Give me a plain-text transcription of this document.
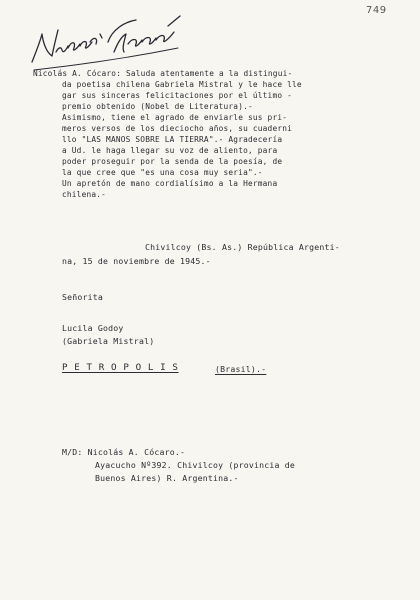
749
Nicolás A. Cócaro: Saluda atentamente a la distingui-
da poetisa chilena Gabriela Mistral y le hace lle
gar sus sinceras felicitaciones por el último -
premio obtenido (Nobel de Literatura).-
Asimismo, tiene el agrado de enviarle sus pri-
meros versos de los dieciocho años, su cuaderni
llo "LAS MANOS SOBRE LA TIERRA".- Agradecería
a Ud. le haga llegar su voz de aliento, para
poder proseguir por la senda de la poesía, de
la que cree que "es una cosa muy seria".-
Un apretón de mano cordialísimo a la Hermana
chilena.-
Chivilcoy (Bs. As.) República Argenti-
na, 15 de noviembre de 1945.-
Señorita
Lucila Godoy
(Gabriela Mistral)
P E T R O P O L I S	(Brasil).-
M/D: Nicolás A. Cócaro.-
Ayacucho Nº392. Chivilcoy (provincia de
Buenos Aires) R. Argentina.-
